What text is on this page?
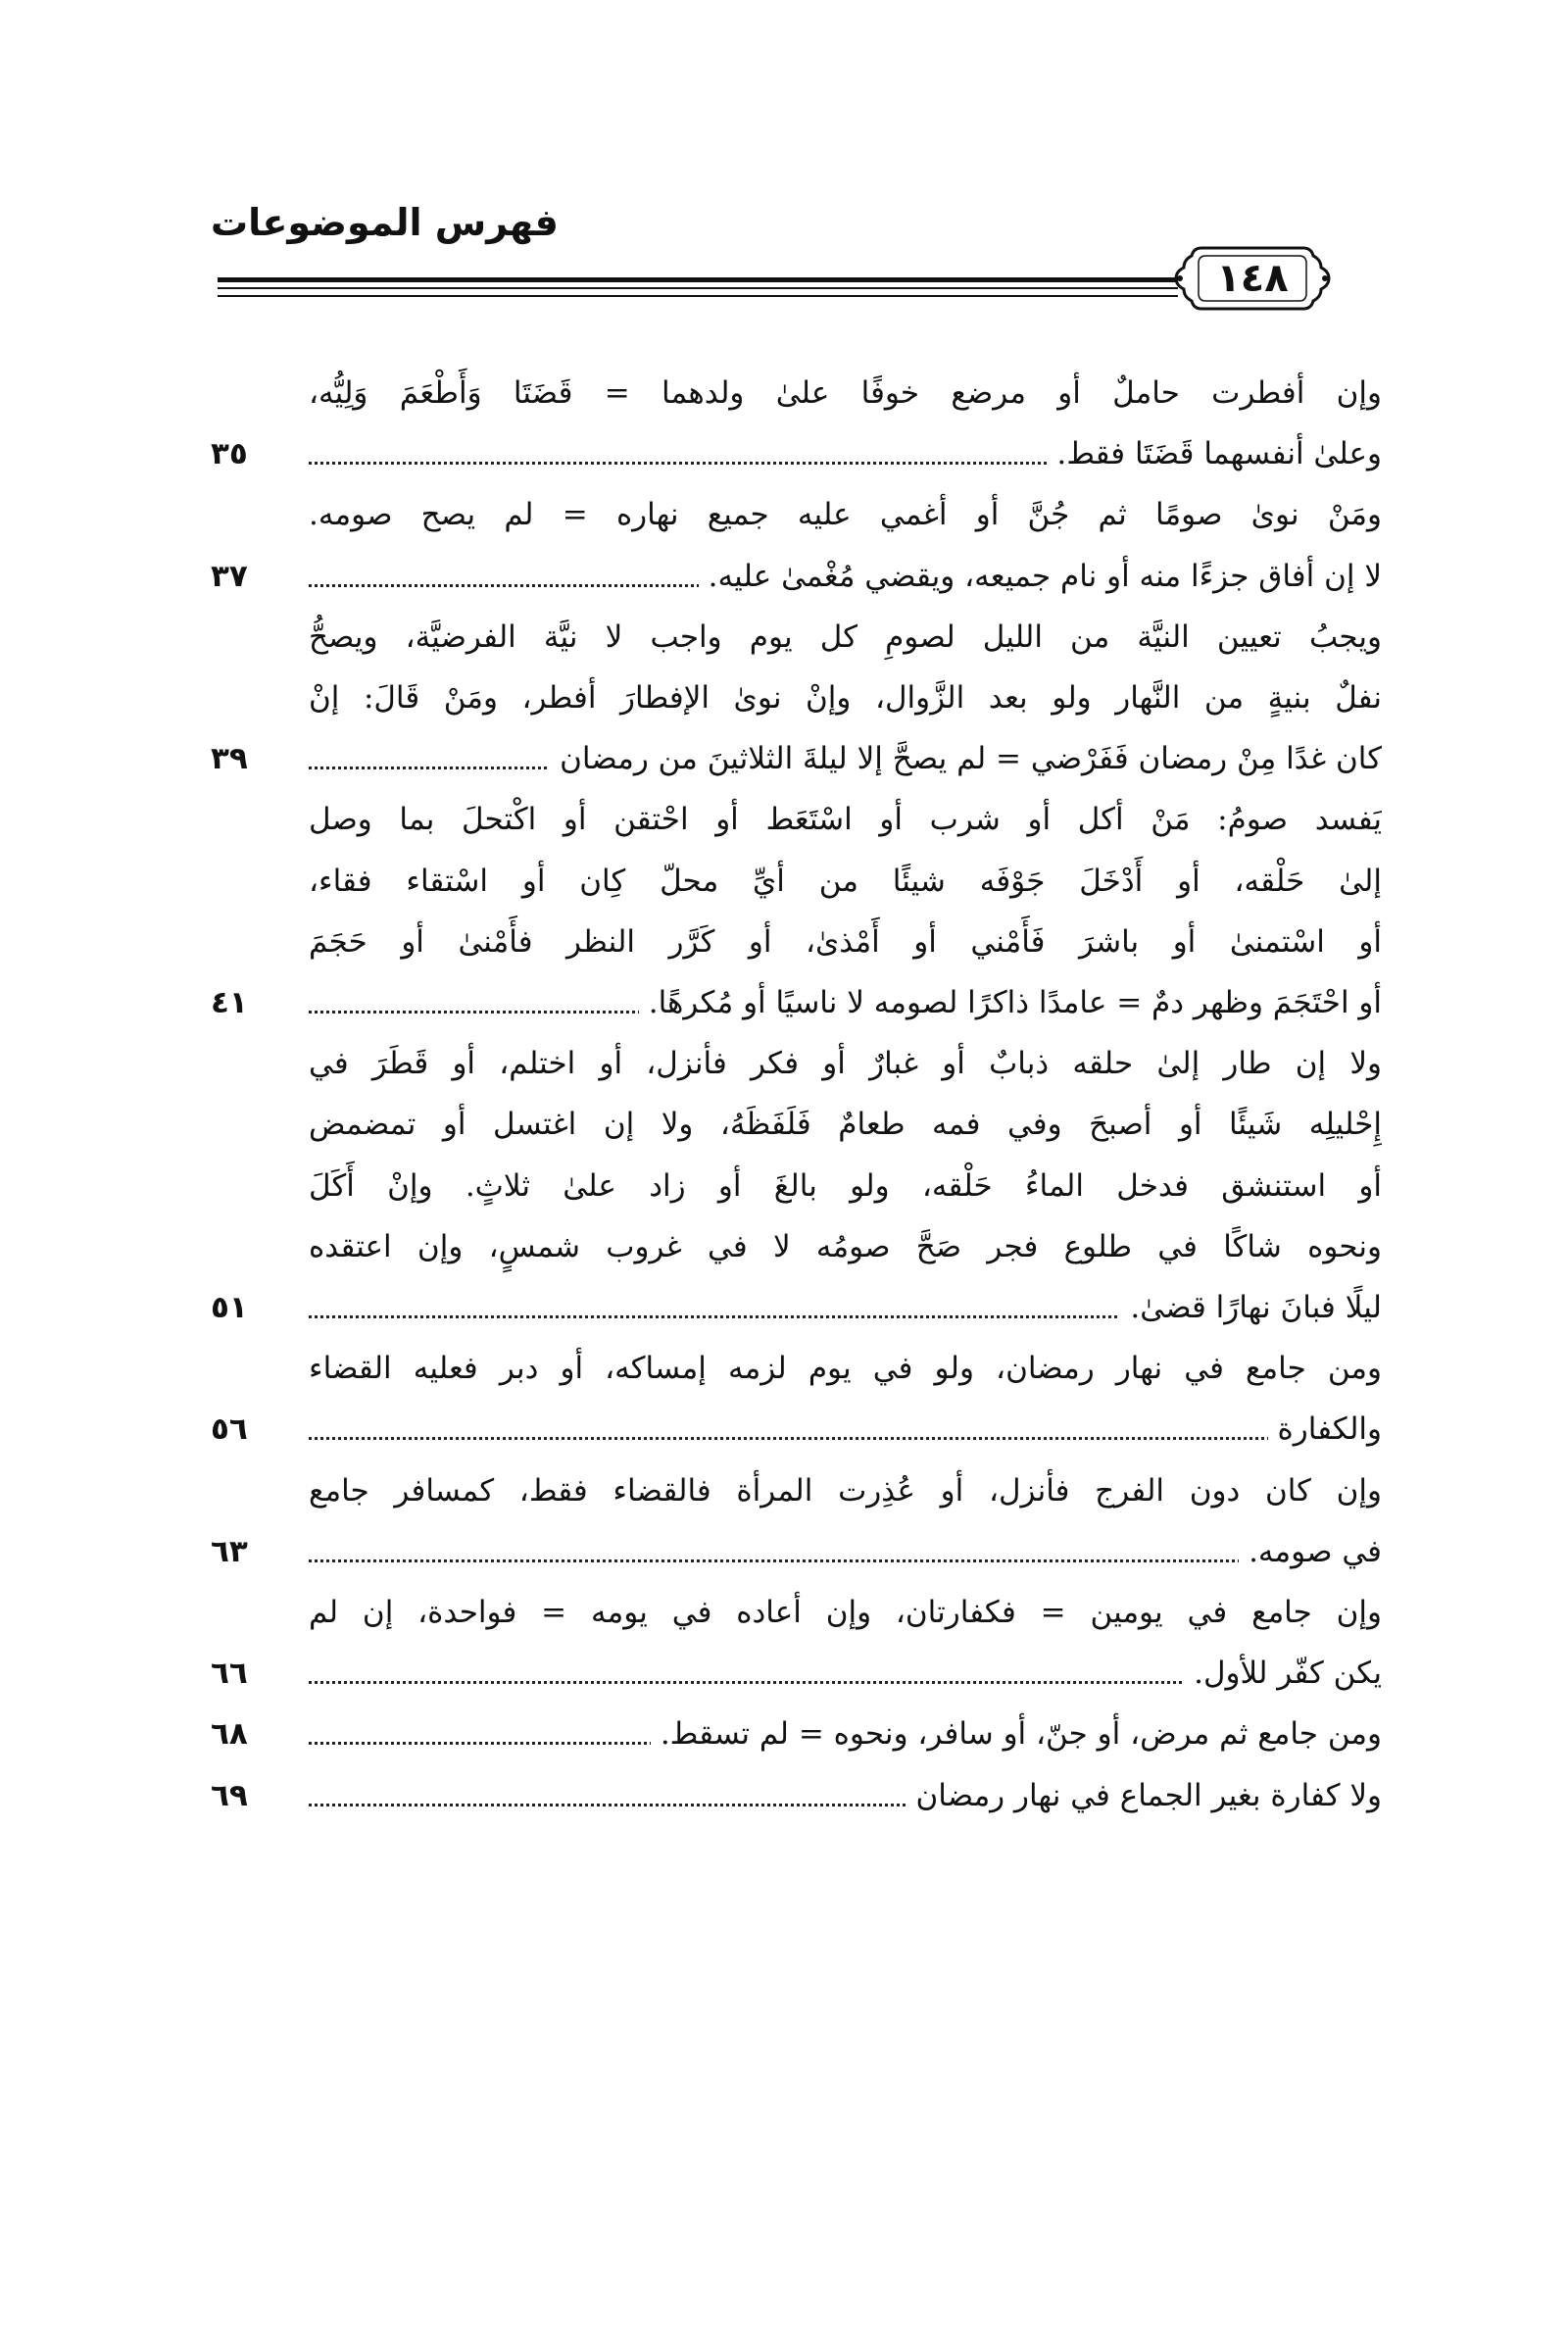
فهرس الموضوعات
١٤٨
وإن أفطرت حاملٌ أو مرضع خوفًا علىٰ ولدهما = قَضَتَا وَأَطْعَمَ وَلِيُّه،
٣٥	وعلىٰ أنفسهما قَضَتَا فقط.
ومَنْ نوىٰ صومًا ثم جُنَّ أو أغمي عليه جميع نهاره = لم يصح صومه.
٣٧	لا إن أفاق جزءًا منه أو نام جميعه، ويقضي مُغْمىٰ عليه.
ويجبُ تعيين النيَّة من الليل لصومِ كل يوم واجب لا نيَّة الفرضيَّة، ويصحُّ
نفلٌ بنيةٍ من النَّهار ولو بعد الزَّوال، وإنْ نوىٰ الإفطارَ أفطر، ومَنْ قَالَ: إنْ
٣٩	كان غدًا مِنْ رمضان فَفَرْضي = لم يصحَّ إلا ليلةَ الثلاثينَ من رمضان
يَفسد صومُ: مَنْ أكل أو شرب أو اسْتَعَط أو احْتقن أو اكْتحلَ بما وصل
إلىٰ حَلْقه، أو أَدْخَلَ جَوْفَه شيئًا من أيِّ محلّ كِان أو اسْتقاء فقاء،
أو اسْتمنىٰ أو باشرَ فَأَمْني أو أَمْذىٰ، أو كَرَّر النظر فأَمْنىٰ أو حَجَمَ
٤١	أو احْتَجَمَ وظهر دمٌ = عامدًا ذاكرًا لصومه لا ناسيًا أو مُكرهًا.
ولا إن طار إلىٰ حلقه ذبابٌ أو غبارٌ أو فكر فأنزل، أو اختلم، أو قَطَرَ في
إِحْليلِه شَيئًا أو أصبحَ وفي فمه طعامٌ فَلَفَظَهُ، ولا إن اغتسل أو تمضمض
أو استنشق فدخل الماءُ حَلْقه، ولو بالغَ أو زاد علىٰ ثلاثٍ. وإنْ أَكَلَ
ونحوه شاكًا في طلوع فجر صَحَّ صومُه لا في غروب شمسٍ، وإن اعتقده
٥١	ليلًا فبانَ نهارًا قضىٰ.
ومن جامع في نهار رمضان، ولو في يوم لزمه إمساكه، أو دبر فعليه القضاء
٥٦	والكفارة
وإن كان دون الفرج فأنزل، أو عُذِرت المرأة فالقضاء فقط، كمسافر جامع
٦٣	في صومه.
وإن جامع في يومين = فكفارتان، وإن أعاده في يومه = فواحدة، إن لم
٦٦	يكن كفّر للأول.
٦٨	ومن جامع ثم مرض، أو جنّ، أو سافر، ونحوه = لم تسقط.
٦٩	ولا كفارة بغير الجماع في نهار رمضان
